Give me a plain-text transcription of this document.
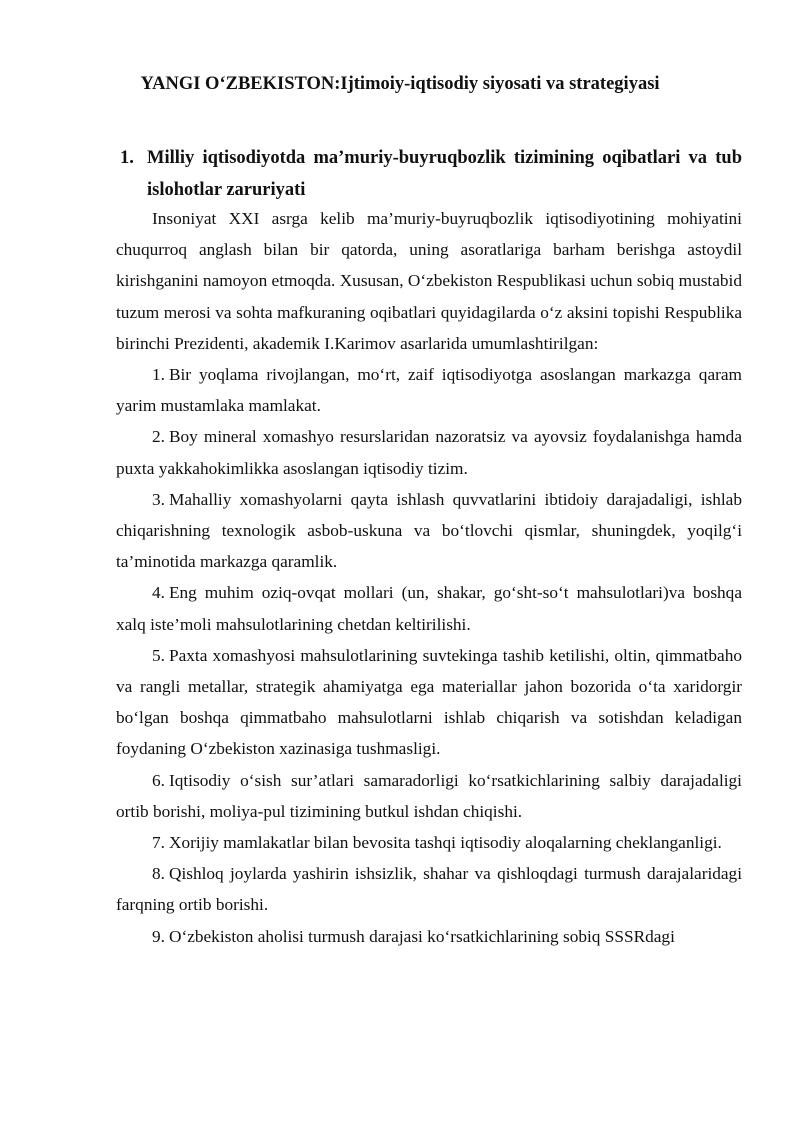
YANGI O‘ZBEKISTON:Ijtimoiy-iqtisodiy siyosati va strategiyasi
1. Milliy iqtisodiyotda ma’muriy-buyruqbozlik tizimining oqibatlari va tub islohotlar zaruriyati

Insoniyat XXI asrga kelib ma’muriy-buyruqbozlik iqtisodiyotining mohiyatini chuqurroq anglash bilan bir qatorda, uning asoratlariga barham berishga astoydil kirishganini namoyon etmoqda. Xususan, O‘zbekiston Respublikasi uchun sobiq mustabid tuzum merosi va sohta mafkuraning oqibatlari quyidagilarda o‘z aksini topishi Respublika birinchi Prezidenti, akademik I.Karimov asarlarida umumlashtirilgan:

1. Bir yoqlama rivojlangan, mo‘rt, zaif iqtisodiyotga asoslangan markazga qaram yarim mustamlaka mamlakat.

2. Boy mineral xomashyo resurslaridan nazoratsiz va ayovsiz foydalanishga hamda puxta yakkahokimlikka asoslangan iqtisodiy tizim.

3. Mahalliy xomashyolarni qayta ishlash quvvatlarini ibtidoiy darajadaligi, ishlab chiqarishning texnologik asbob-uskuna va bo‘tlovchi qismlar, shuningdek, yoqilg‘i ta’minotida markazga qaramlik.

4. Eng muhim oziq-ovqat mollari (un, shakar, go‘sht-so‘t mahsulotlari)va boshqa xalq iste’moli mahsulotlarining chetdan keltirilishi.

5. Paxta xomashyosi mahsulotlarining suvtekinga tashib ketilishi, oltin, qimmatbaho va rangli metallar, strategik ahamiyatga ega materiallar jahon bozorida o‘ta xaridorgir bo‘lgan boshqa qimmatbaho mahsulotlarni ishlab chiqarish va sotishdan keladigan foydaning O‘zbekiston xazinasiga tushmasligi.

6. Iqtisodiy o‘sish sur’atlari samaradorligi ko‘rsatkichlarining salbiy darajadaligi ortib borishi, moliya-pul tizimining butkul ishdan chiqishi.

7. Xorijiy mamlakatlar bilan bevosita tashqi iqtisodiy aloqalarning cheklanganligi.

8. Qishloq joylarda yashirin ishsizlik, shahar va qishloqdagi turmush darajalaridagi farqning ortib borishi.

9. O‘zbekiston aholisi turmush darajasi ko‘rsatkichlarining sobiq SSSRdagi
